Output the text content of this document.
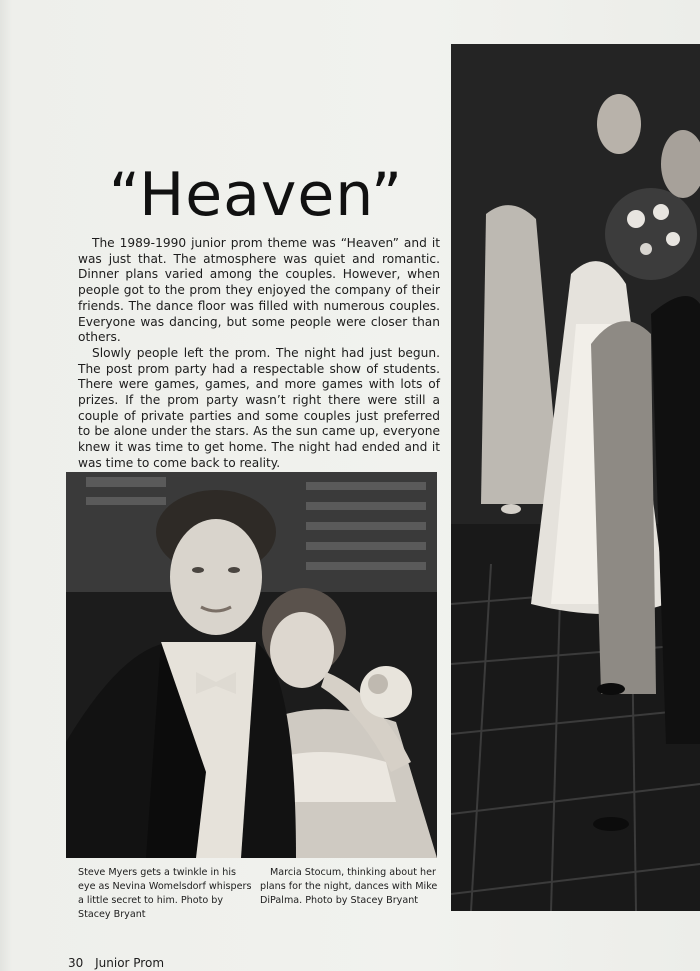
“Heaven”

The 1989-1990 junior prom theme was “Heaven” and it was just that. The atmosphere was quiet and romantic. Dinner plans varied among the couples. However, when people got to the prom they enjoyed the company of their friends. The dance floor was filled with numerous couples. Everyone was dancing, but some people were closer than others.

Slowly people left the prom. The night had just begun. The post prom party had a respectable show of students. There were games, games, and more games with lots of prizes. If the prom party wasn’t right there were still a couple of private parties and some couples just preferred to be alone under the stars. As the sun came up, everyone knew it was time to get home. The night had ended and it was time to come back to reality.

Steve Myers gets a twinkle in his eye as Nevina Womelsdorf whispers a little secret to him. Photo by Stacey Bryant
Marcia Stocum, thinking about her plans for the night, dances with Mike DiPalma. Photo by Stacey Bryant
30 Junior Prom
